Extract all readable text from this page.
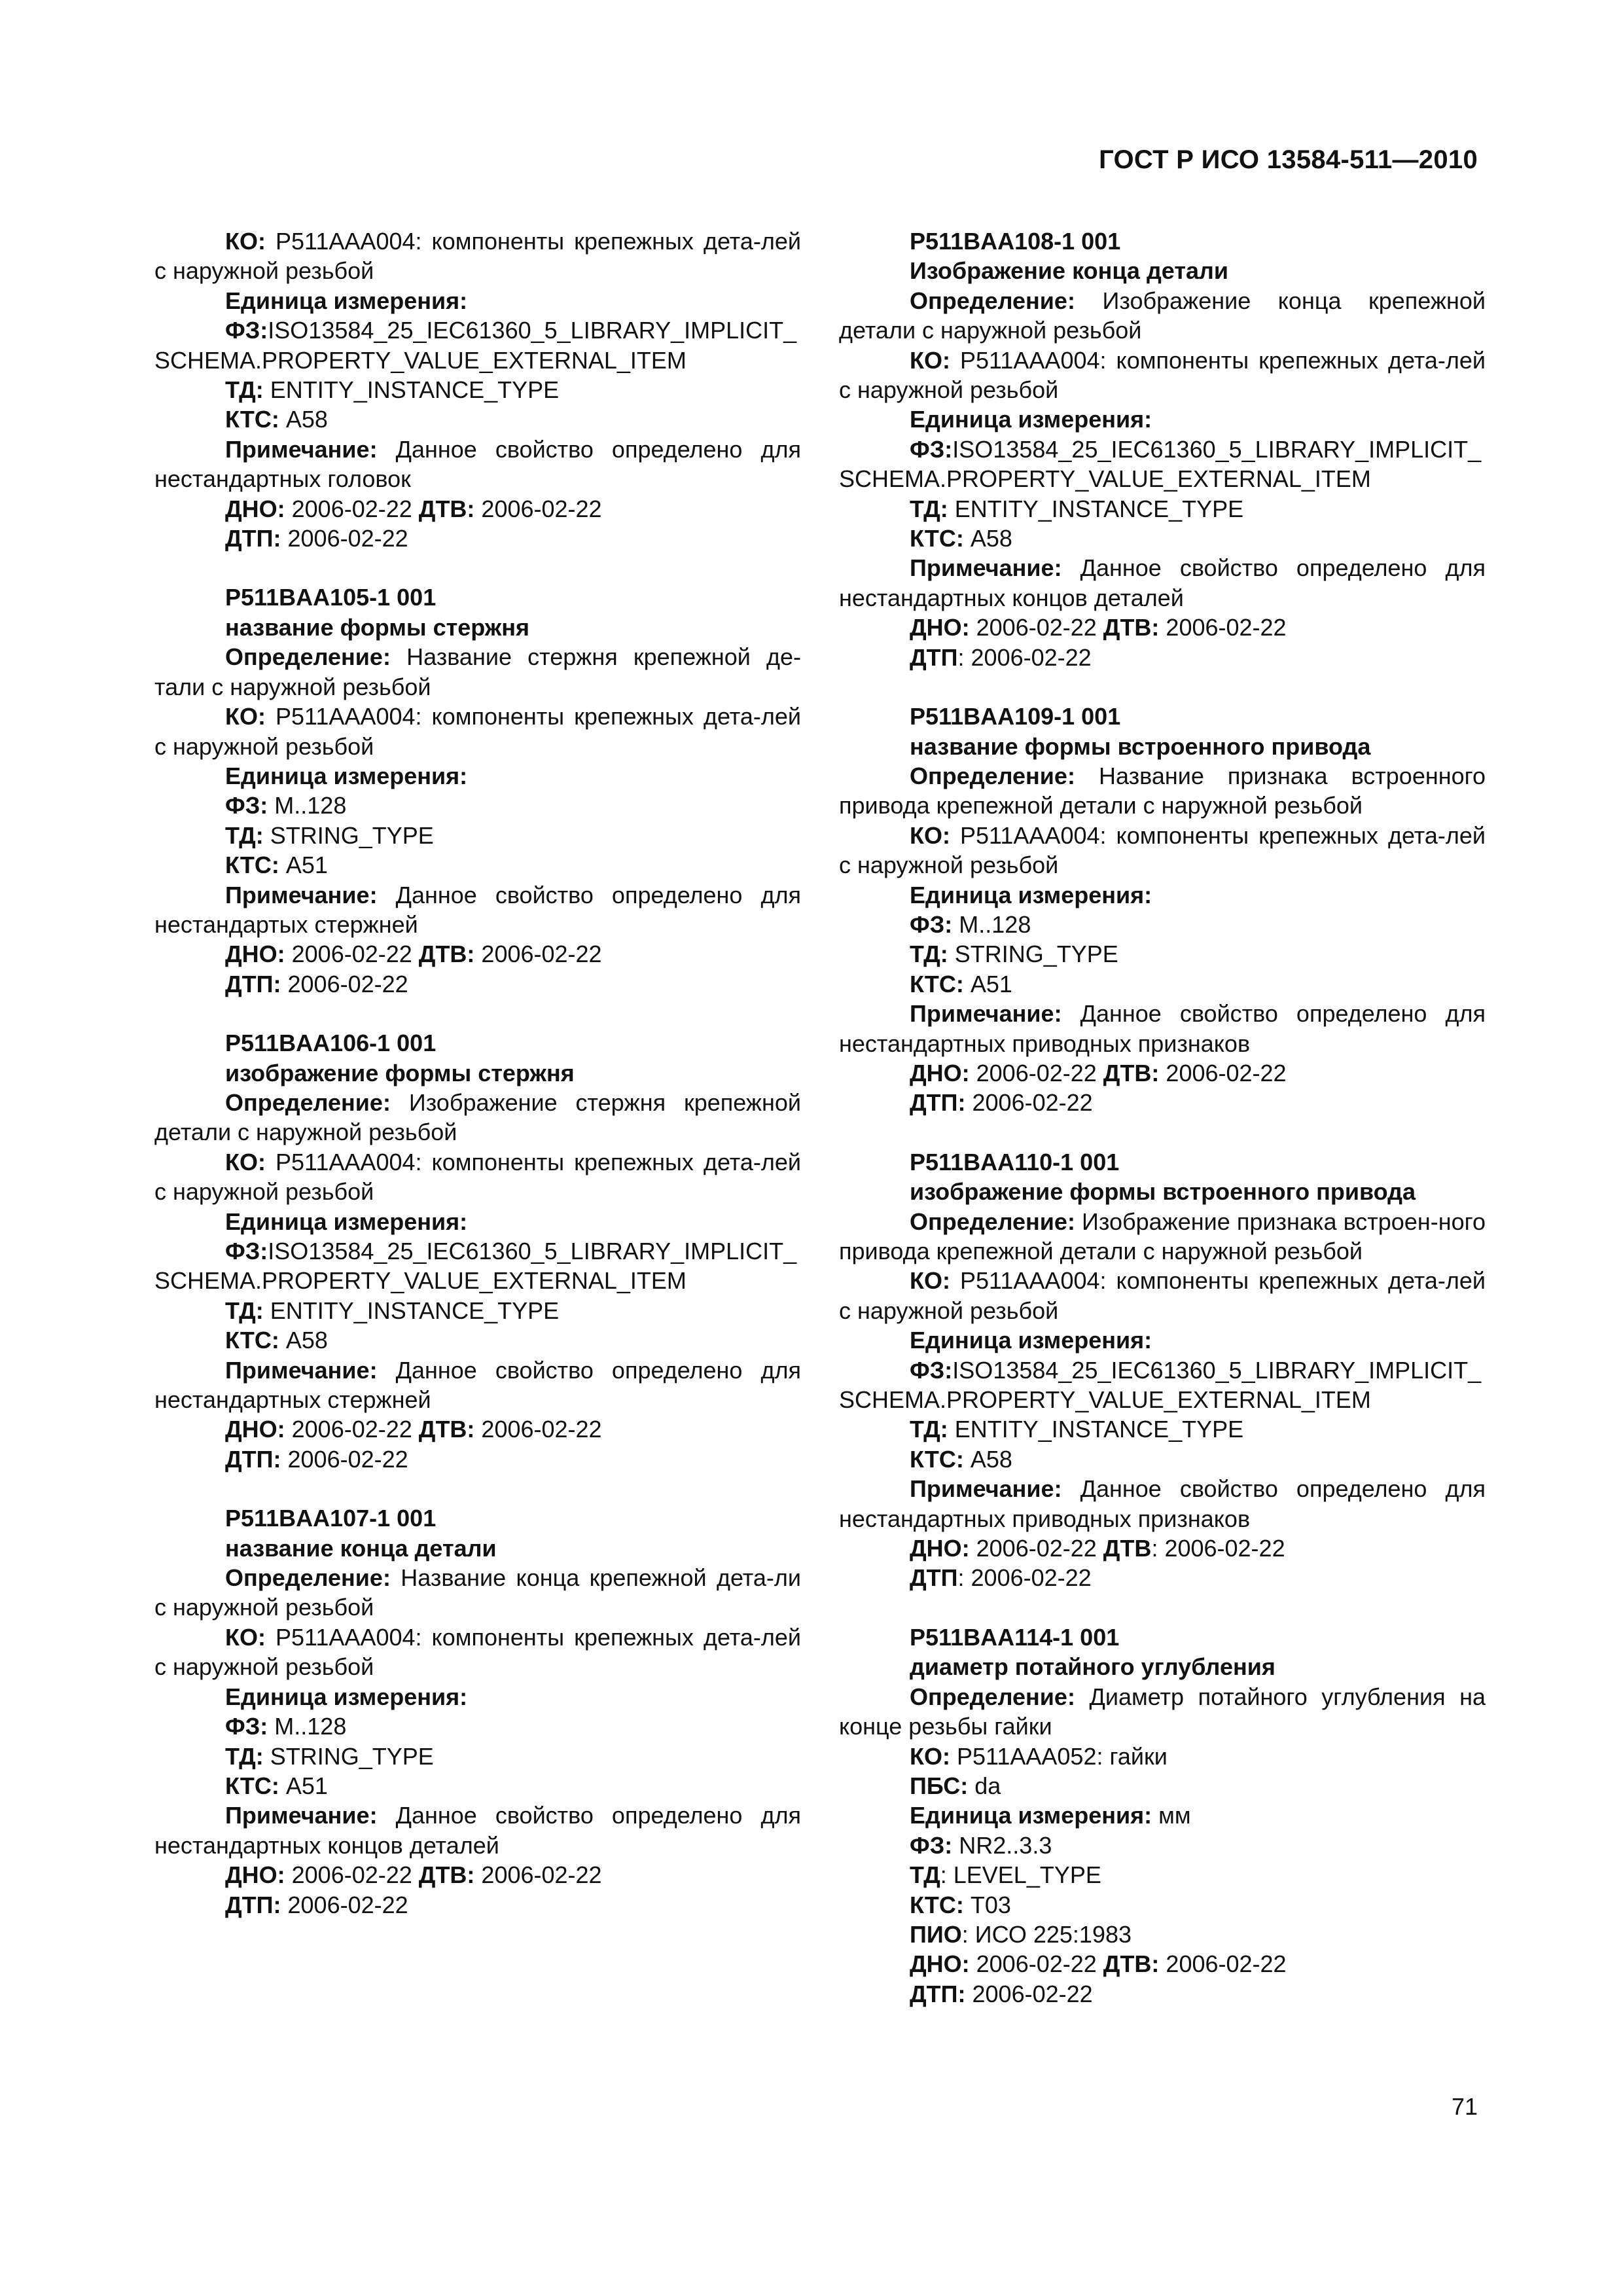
ГОСТ Р ИСО 13584-511—2010

КО: P511AAA004: компоненты крепежных дета-лей с наружной резьбой

Единица измерения:

ФЗ:ISO13584_25_IEC61360_5_LIBRARY_IMPLICIT_SCHEMA.PROPERTY_VALUE_EXTERNAL_ITEM

ТД: ENTITY_INSTANCE_TYPE

КТС: A58

Примечание: Данное свойство определено для нестандартных головок

ДНО: 2006-02-22 ДТВ: 2006-02-22

ДТП: 2006-02-22

P511BAA105-1 001

название формы стержня

Определение: Название стержня крепежной де-тали с наружной резьбой

КО: P511AAA004: компоненты крепежных дета-лей с наружной резьбой

Единица измерения:

ФЗ: M..128

ТД: STRING_TYPE

КТС: A51

Примечание: Данное свойство определено для нестандартых стержней

ДНО: 2006-02-22 ДТВ: 2006-02-22

ДТП: 2006-02-22

P511BAA106-1 001

изображение формы стержня

Определение: Изображение стержня крепежной детали с наружной резьбой

КО: P511AAA004: компоненты крепежных дета-лей с наружной резьбой

Единица измерения:

ФЗ:ISO13584_25_IEC61360_5_LIBRARY_IMPLICIT_SCHEMA.PROPERTY_VALUE_EXTERNAL_ITEM

ТД: ENTITY_INSTANCE_TYPE

КТС: A58

Примечание: Данное свойство определено для нестандартных стержней

ДНО: 2006-02-22 ДТВ: 2006-02-22

ДТП: 2006-02-22

P511BAA107-1 001

название конца детали

Определение: Название конца крепежной дета-ли с наружной резьбой

КО: P511AAA004: компоненты крепежных дета-лей с наружной резьбой

Единица измерения:

ФЗ: M..128

ТД: STRING_TYPE

КТС: A51

Примечание: Данное свойство определено для нестандартных концов деталей

ДНО: 2006-02-22 ДТВ: 2006-02-22

ДТП: 2006-02-22

P511BAA108-1 001

Изображение конца детали

Определение: Изображение конца крепежной детали с наружной резьбой

КО: P511AAA004: компоненты крепежных дета-лей с наружной резьбой

Единица измерения:

ФЗ:ISO13584_25_IEC61360_5_LIBRARY_IMPLICIT_SCHEMA.PROPERTY_VALUE_EXTERNAL_ITEM

ТД: ENTITY_INSTANCE_TYPE

КТС: A58

Примечание: Данное свойство определено для нестандартных концов деталей

ДНО: 2006-02-22 ДТВ: 2006-02-22

ДТП: 2006-02-22

P511BAA109-1 001

название формы встроенного привода

Определение: Название признака встроенного привода крепежной детали с наружной резьбой

КО: P511AAA004: компоненты крепежных дета-лей с наружной резьбой

Единица измерения:

ФЗ: M..128

ТД: STRING_TYPE

КТС: A51

Примечание: Данное свойство определено для нестандартных приводных признаков

ДНО: 2006-02-22 ДТВ: 2006-02-22

ДТП: 2006-02-22

P511BAA110-1 001

изображение формы встроенного привода

Определение: Изображение признака встроен-ного привода крепежной детали с наружной резьбой

КО: P511AAA004: компоненты крепежных дета-лей с наружной резьбой

Единица измерения:

ФЗ:ISO13584_25_IEC61360_5_LIBRARY_IMPLICIT_SCHEMA.PROPERTY_VALUE_EXTERNAL_ITEM

ТД: ENTITY_INSTANCE_TYPE

КТС: A58

Примечание: Данное свойство определено для нестандартных приводных признаков

ДНО: 2006-02-22 ДТВ: 2006-02-22

ДТП: 2006-02-22

P511BAA114-1 001

диаметр потайного углубления

Определение: Диаметр потайного углубления на конце резьбы гайки

КО: P511AAA052: гайки

ПБС: da

Единица измерения: мм

ФЗ: NR2..3.3

ТД: LEVEL_TYPE

КТС: T03

ПИО: ИСО 225:1983

ДНО: 2006-02-22 ДТВ: 2006-02-22

ДТП: 2006-02-22

71
